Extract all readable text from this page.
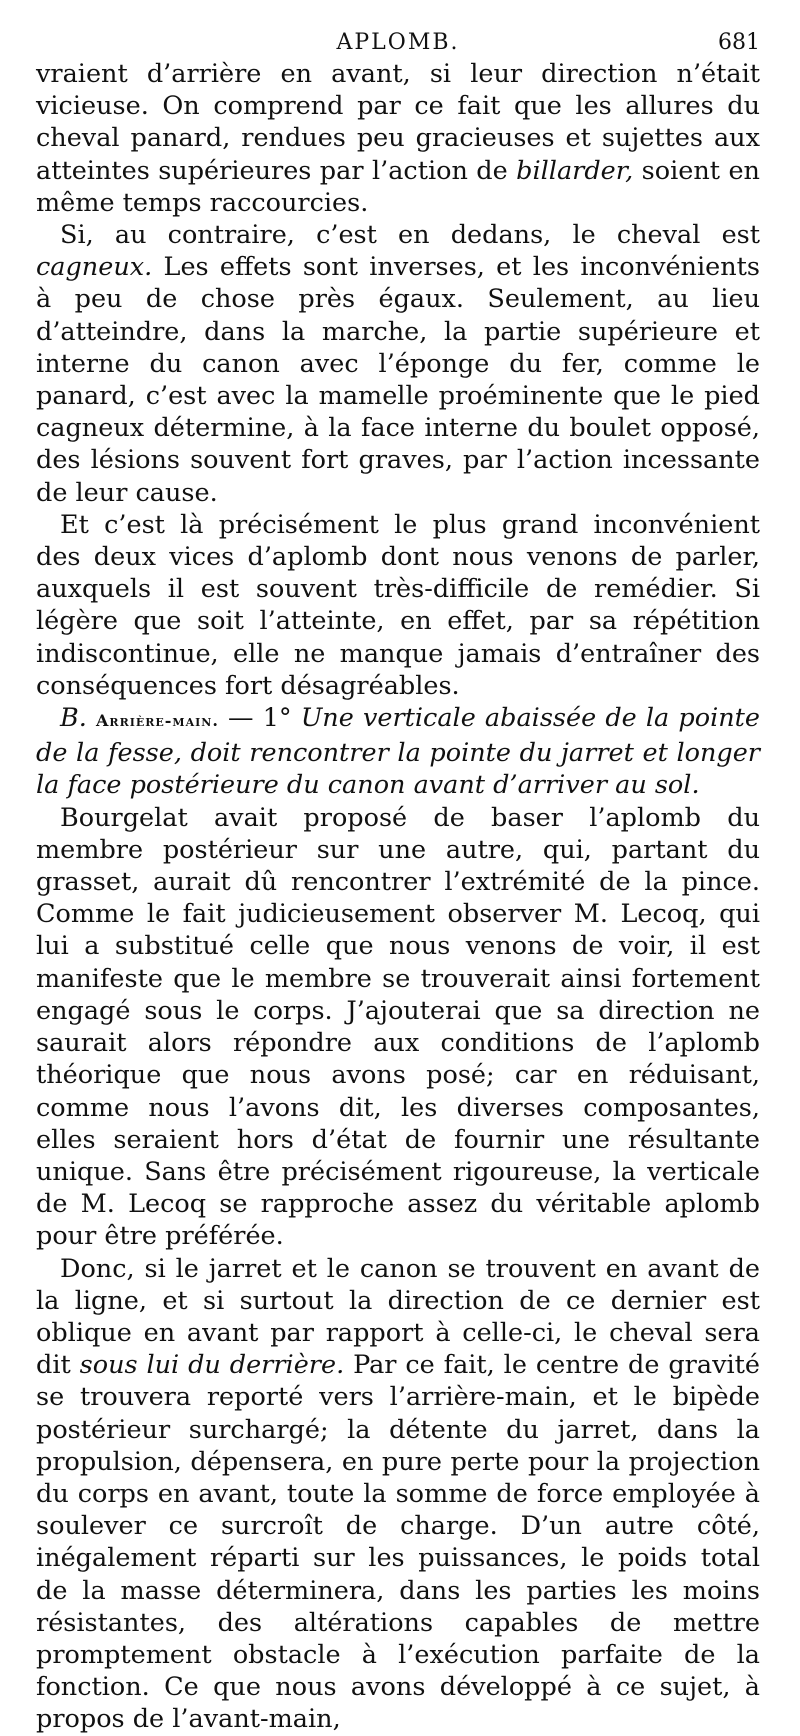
APLOMB.	681

vraient d’arrière en avant, si leur direction n’était vicieuse. On comprend par ce fait que les allures du cheval panard, rendues peu gracieuses et sujettes aux atteintes supérieures par l’action de billarder, soient en même temps raccourcies.

Si, au contraire, c’est en dedans, le cheval est cagneux. Les effets sont inverses, et les inconvénients à peu de chose près égaux. Seulement, au lieu d’atteindre, dans la marche, la partie supérieure et interne du canon avec l’éponge du fer, comme le panard, c’est avec la mamelle proéminente que le pied cagneux détermine, à la face interne du boulet opposé, des lésions souvent fort graves, par l’action incessante de leur cause.

Et c’est là précisément le plus grand inconvénient des deux vices d’aplomb dont nous venons de parler, auxquels il est souvent très-difficile de remédier. Si légère que soit l’atteinte, en effet, par sa répétition indiscontinue, elle ne manque jamais d’entraîner des conséquences fort désagréables.

B. Arrière-main. — 1° Une verticale abaissée de la pointe de la fesse, doit rencontrer la pointe du jarret et longer la face postérieure du canon avant d’arriver au sol.

Bourgelat avait proposé de baser l’aplomb du membre postérieur sur une autre, qui, partant du grasset, aurait dû rencontrer l’extrémité de la pince. Comme le fait judicieusement observer M. Lecoq, qui lui a substitué celle que nous venons de voir, il est manifeste que le membre se trouverait ainsi fortement engagé sous le corps. J’ajouterai que sa direction ne saurait alors répondre aux conditions de l’aplomb théorique que nous avons posé; car en réduisant, comme nous l’avons dit, les diverses composantes, elles seraient hors d’état de fournir une résultante unique. Sans être précisément rigoureuse, la verticale de M. Lecoq se rapproche assez du véritable aplomb pour être préférée.

Donc, si le jarret et le canon se trouvent en avant de la ligne, et si surtout la direction de ce dernier est oblique en avant par rapport à celle-ci, le cheval sera dit sous lui du derrière. Par ce fait, le centre de gravité se trouvera reporté vers l’arrière-main, et le bipède postérieur surchargé; la détente du jarret, dans la propulsion, dépensera, en pure perte pour la projection du corps en avant, toute la somme de force employée à soulever ce surcroît de charge. D’un autre côté, inégalement réparti sur les puissances, le poids total de la masse déterminera, dans les parties les moins résistantes, des altérations capables de mettre promptement obstacle à l’exécution parfaite de la fonction. Ce que nous avons développé à ce sujet, à propos de l’avant-main,
